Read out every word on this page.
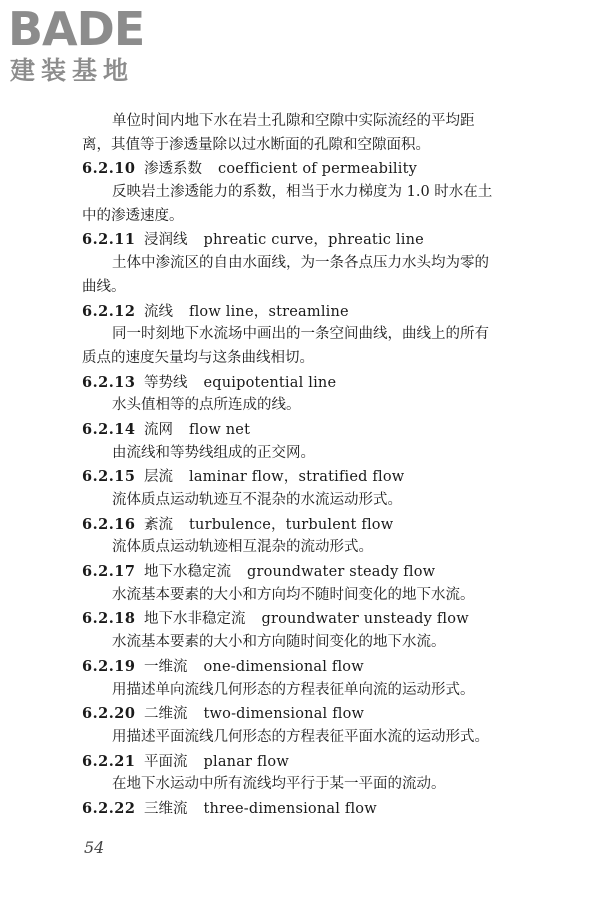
BADE
建装基地
单位时间内地下水在岩土孔隙和空隙中实际流经的平均距
离，其值等于渗透量除以过水断面的孔隙和空隙面积。
6.2.10 渗透系数 coefficient of permeability
反映岩土渗透能力的系数，相当于水力梯度为 1.0 时水在土
中的渗透速度。
6.2.11 浸润线 phreatic curve，phreatic line
土体中渗流区的自由水面线，为一条各点压力水头均为零的
曲线。
6.2.12 流线 flow line，streamline
同一时刻地下水流场中画出的一条空间曲线，曲线上的所有
质点的速度矢量均与这条曲线相切。
6.2.13 等势线 equipotential line
水头值相等的点所连成的线。
6.2.14 流网 flow net
由流线和等势线组成的正交网。
6.2.15 层流 laminar flow，stratified flow
流体质点运动轨迹互不混杂的水流运动形式。
6.2.16 紊流 turbulence，turbulent flow
流体质点运动轨迹相互混杂的流动形式。
6.2.17 地下水稳定流 groundwater steady flow
水流基本要素的大小和方向均不随时间变化的地下水流。
6.2.18 地下水非稳定流 groundwater unsteady flow
水流基本要素的大小和方向随时间变化的地下水流。
6.2.19 一维流 one-dimensional flow
用描述单向流线几何形态的方程表征单向流的运动形式。
6.2.20 二维流 two-dimensional flow
用描述平面流线几何形态的方程表征平面水流的运动形式。
6.2.21 平面流 planar flow
在地下水运动中所有流线均平行于某一平面的流动。
6.2.22 三维流 three-dimensional flow
54
